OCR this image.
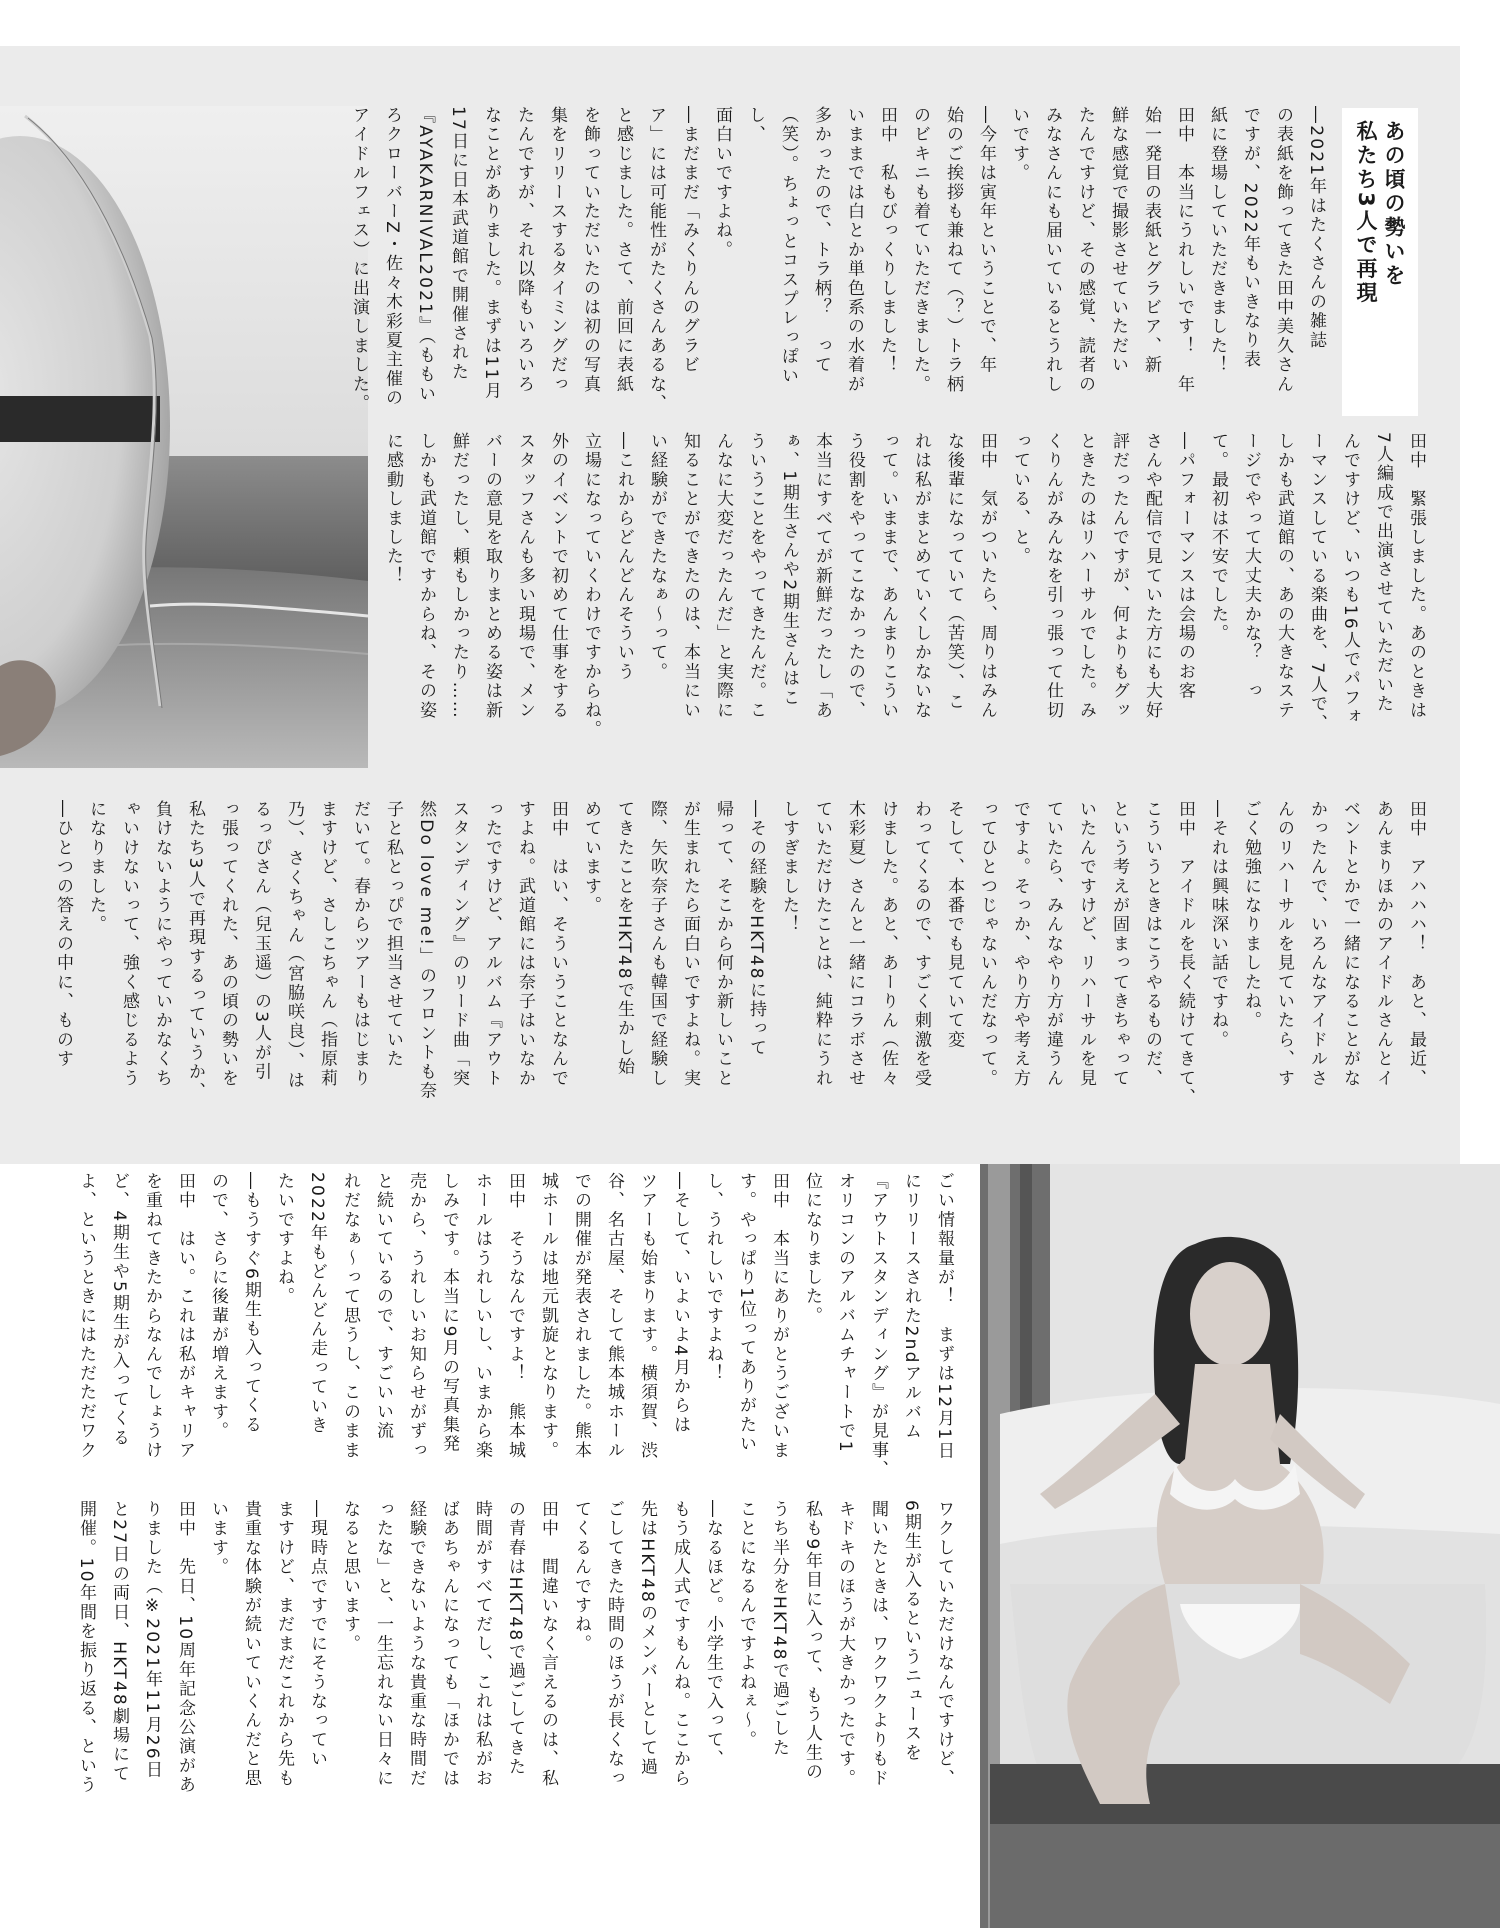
あの頃の勢いを
私たち3人で再現
―2021年はたくさんの雑誌
の表紙を飾ってきた田中美久さん
ですが、2022年もいきなり表
紙に登場していただきました！
田中　本当にうれしいです！　年
始一発目の表紙とグラビア、新
鮮な感覚で撮影させていただい
たんですけど、その感覚、読者の
みなさんにも届いているとうれし
いです。
―今年は寅年ということで、年
始のご挨拶も兼ねて（？）トラ柄
のビキニも着ていただきました。
田中　私もびっくりしました！
いままでは白とか単色系の水着が
多かったので、トラ柄？　って
（笑）。ちょっとコスプレっぽいし、
面白いですよね。
―まだまだ「みくりんのグラビ
ア」には可能性がたくさんあるな、
と感じました。さて、前回に表紙
を飾っていただいたのは初の写真
集をリリースするタイミングだっ
たんですが、それ以降もいろいろ
なことがありました。まずは11月
17日に日本武道館で開催された
『AYAKARNIVAL2021』（ももい
ろクローバーZ・佐々木彩夏主催の
アイドルフェス）に出演しました。
田中　緊張しました。あのときは
7人編成で出演させていただいた
んですけど、いつも16人でパフォ
ーマンスしている楽曲を、7人で、
しかも武道館の、あの大きなステ
ージでやって大丈夫かな？　っ
て。最初は不安でした。
―パフォーマンスは会場のお客
さんや配信で見ていた方にも大好
評だったんですが、何よりもグッ
ときたのはリハーサルでした。み
くりんがみんなを引っ張って仕切
っている、と。
田中　気がついたら、周りはみん
な後輩になっていて（苦笑）、こ
れは私がまとめていくしかないな
って。いままで、あんまりこうい
う役割をやってこなかったので、
本当にすべてが新鮮だったし「あ
ぁ、1期生さんや2期生さんはこ
ういうことをやってきたんだ。こ
んなに大変だったんだ」と実際に
知ることができたのは、本当にい
い経験ができたなぁ〜って。
―これからどんどんそういう
立場になっていくわけですからね。
外のイベントで初めて仕事をする
スタッフさんも多い現場で、メン
バーの意見を取りまとめる姿は新
鮮だったし、頼もしかったり……
しかも武道館ですからね、その姿
に感動しました！
田中　アハハハ！　あと、最近、
あんまりほかのアイドルさんとイ
ベントとかで一緒になることがな
かったんで、いろんなアイドルさ
んのリハーサルを見ていたら、す
ごく勉強になりましたね。
―それは興味深い話ですね。
田中　アイドルを長く続けてきて、
こういうときはこうやるものだ、
という考えが固まってきちゃって
いたんですけど、リハーサルを見
ていたら、みんなやり方が違うん
ですよ。そっか、やり方や考え方
ってひとつじゃないんだなって。
そして、本番でも見ていて変
わってくるので、すごく刺激を受
けました。あと、あーりん（佐々
木彩夏）さんと一緒にコラボさせ
ていただけたことは、純粋にうれ
しすぎました！
―その経験をHKT48に持って
帰って、そこから何か新しいこと
が生まれたら面白いですよね。実
際、矢吹奈子さんも韓国で経験し
てきたことをHKT48で生かし始
めています。
田中　はい、そういうことなんで
すよね。武道館には奈子はいなか
ったですけど、アルバム『アウト
スタンディング』のリード曲「突
然Do love me!」のフロントも奈
子と私とっぴで担当させていた
だいて。春からツアーもはじまり
ますけど、さしこちゃん（指原莉
乃）、さくちゃん（宮脇咲良）、は
るっぴさん（兒玉遥）の3人が引
っ張ってくれた、あの頃の勢いを
私たち3人で再現するっていうか、
負けないようにやっていかなくち
ゃいけないって、強く感じるよう
になりました。
―ひとつの答えの中に、ものす
ごい情報量が！　まずは12月1日
にリリースされた2ndアルバム
『アウトスタンディング』が見事、
オリコンのアルバムチャートで1
位になりました。
田中　本当にありがとうございま
す。やっぱり1位ってありがたい
し、うれしいですよね！
―そして、いよいよ4月からは
ツアーも始まります。横須賀、渋
谷、名古屋、そして熊本城ホール
での開催が発表されました。熊本
城ホールは地元凱旋となります。
田中　そうなんですよ！　熊本城
ホールはうれしいし、いまから楽
しみです。本当に9月の写真集発
売から、うれしいお知らせがずっ
と続いているので、すごいい流
れだなぁ〜って思うし、このまま
2022年もどんどん走っていき
たいですよね。
―もうすぐ6期生も入ってくる
ので、さらに後輩が増えます。
田中　はい。これは私がキャリア
を重ねてきたからなんでしょうけ
ど、4期生や5期生が入ってくる
よ、というときにはただただワク
ワクしていただけなんですけど、
6期生が入るというニュースを
聞いたときは、ワクワクよりもド
キドキのほうが大きかったです。
私も9年目に入って、もう人生の
うち半分をHKT48で過ごした
ことになるんですよねぇ〜。
―なるほど。小学生で入って、
もう成人式ですもんね。ここから
先はHKT48のメンバーとして過
ごしてきた時間のほうが長くなっ
てくるんですね。
田中　間違いなく言えるのは、私
の青春はHKT48で過ごしてきた
時間がすべてだし、これは私がお
ばあちゃんになっても「ほかでは
経験できないような貴重な時間だ
ったな」と、一生忘れない日々に
なると思います。
―現時点ですでにそうなってい
ますけど、まだまだこれから先も
貴重な体験が続いていくんだと思
います。
田中　先日、10周年記念公演があ
りました（※2021年11月26日
と27日の両日、HKT48劇場にて
開催。10年間を振り返る、という
